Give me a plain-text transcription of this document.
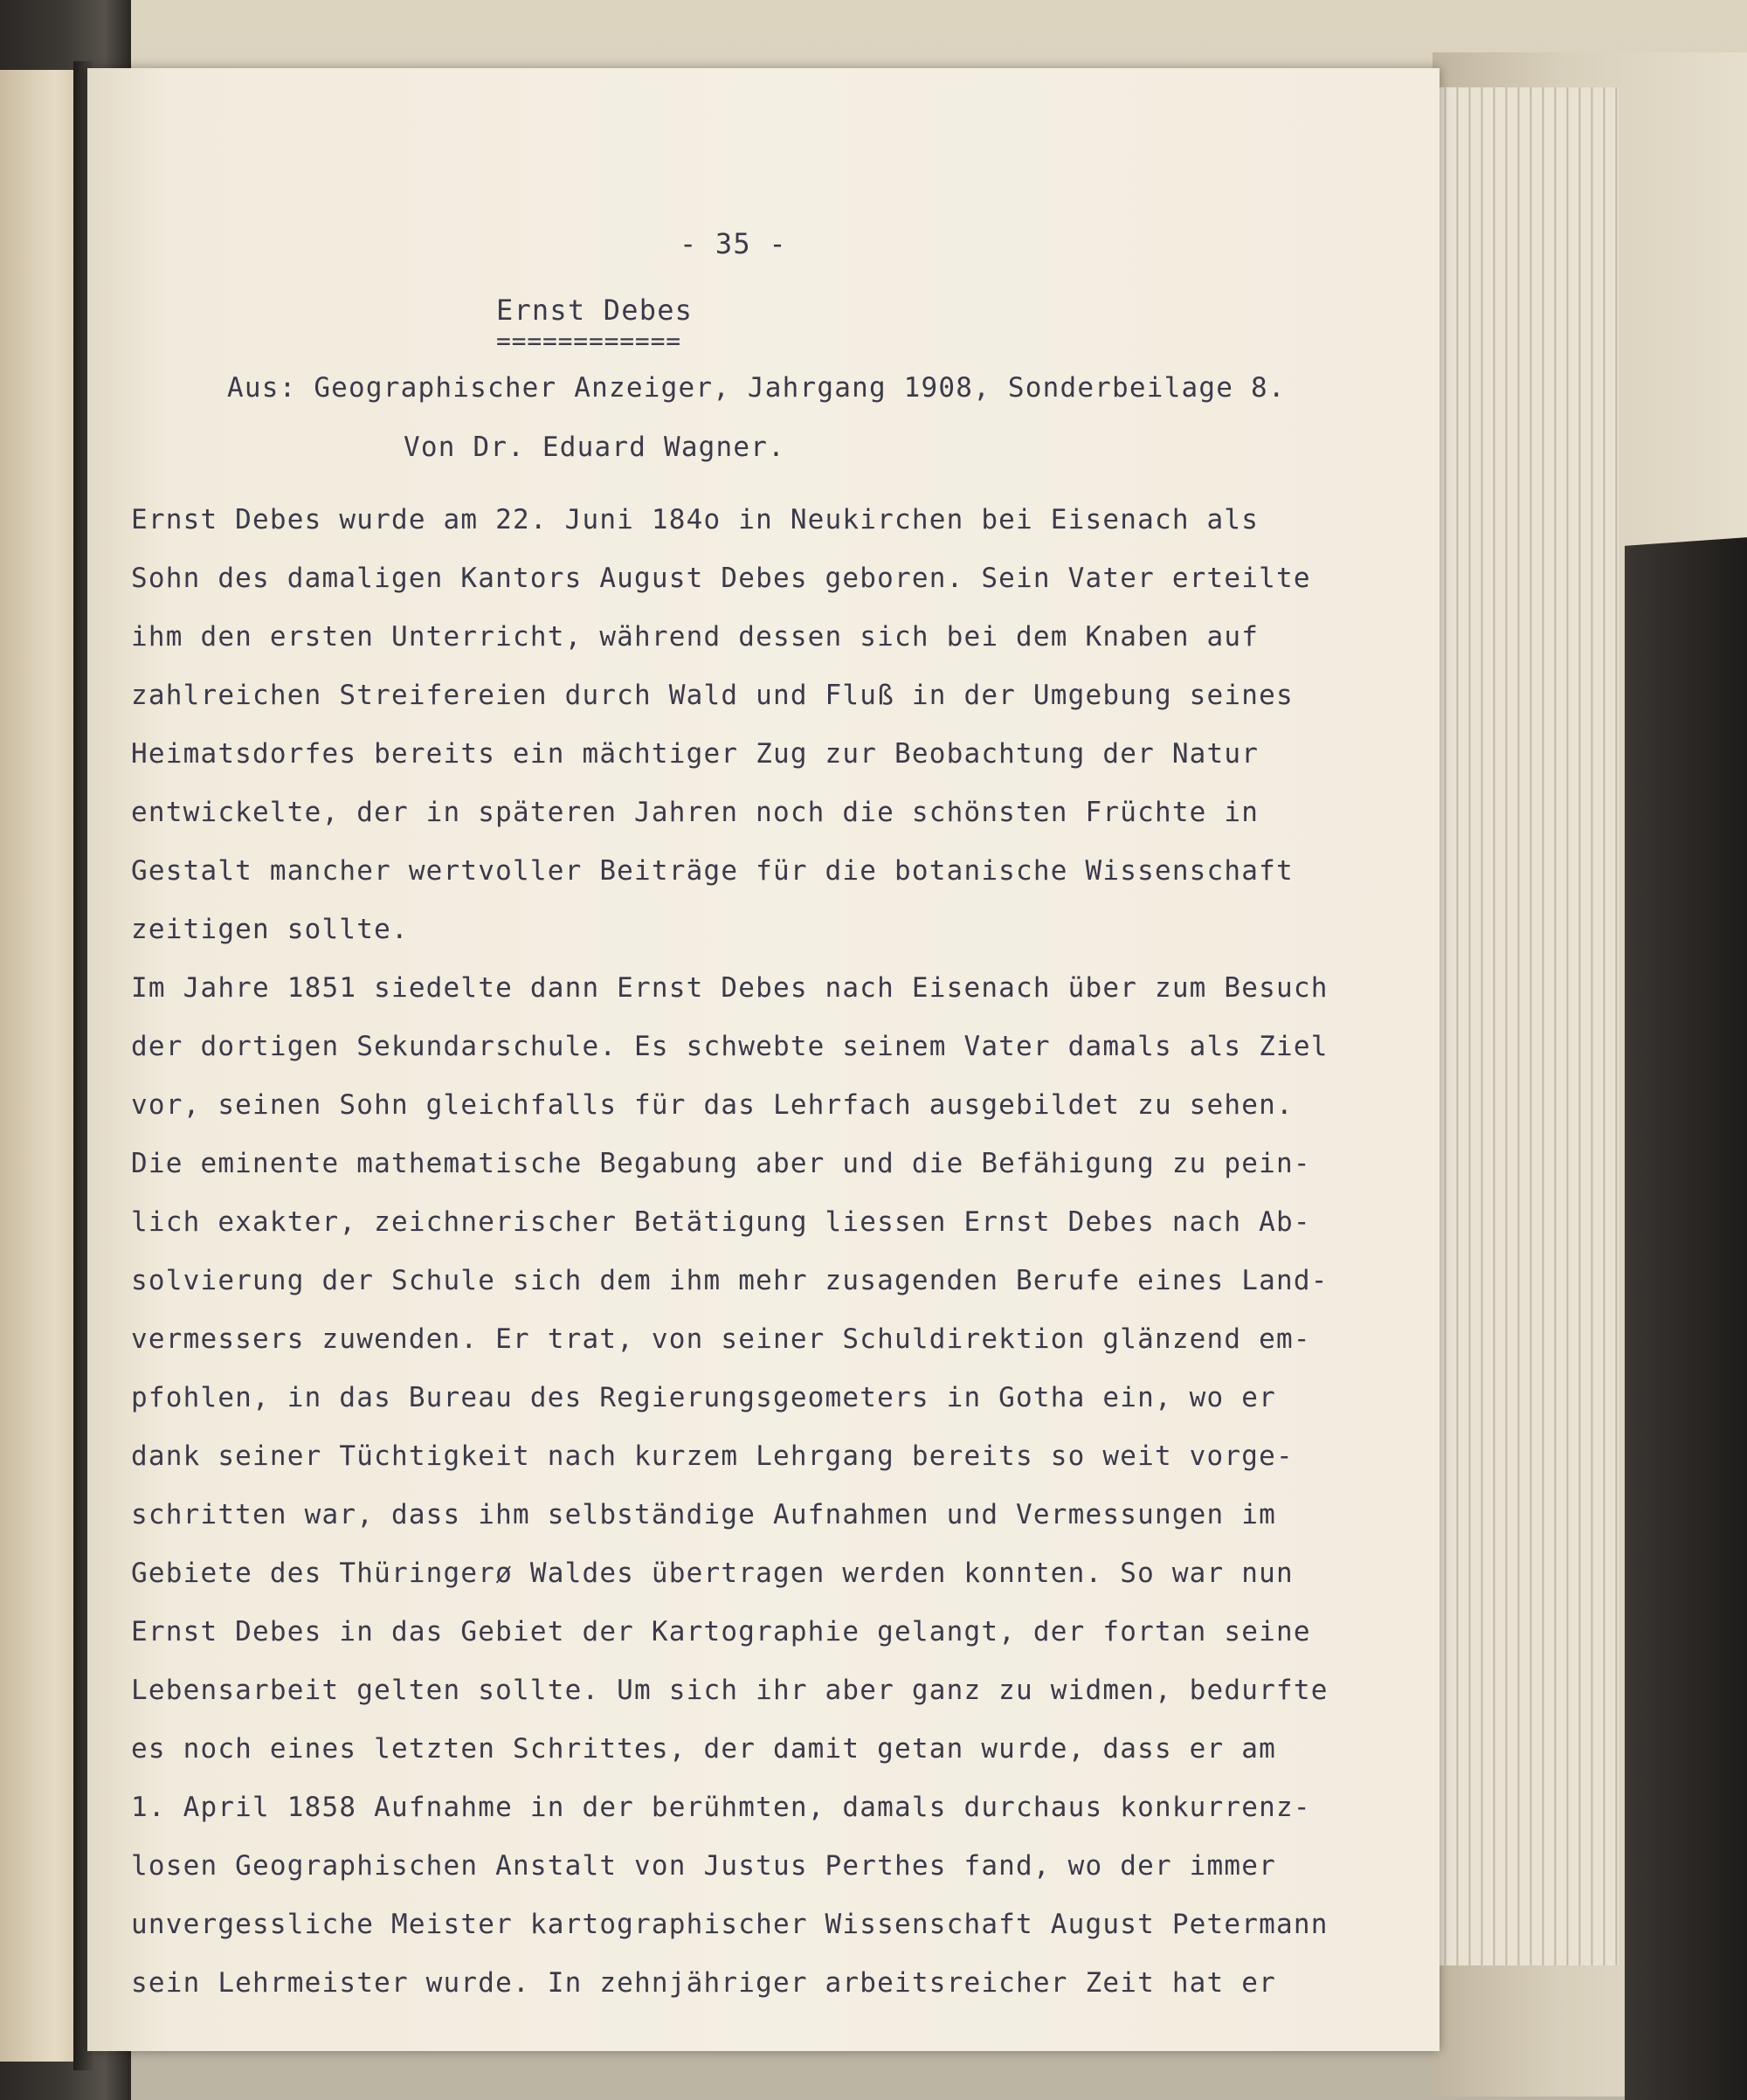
- 35 -

Ernst Debes
============
Aus: Geographischer Anzeiger, Jahrgang 1908, Sonderbeilage 8.
Von Dr. Eduard Wagner.
Ernst Debes wurde am 22. Juni 184o in Neukirchen bei Eisenach als
Sohn des damaligen Kantors August Debes geboren. Sein Vater erteilte
ihm den ersten Unterricht, während dessen sich bei dem Knaben auf
zahlreichen Streifereien durch Wald und Fluß in der Umgebung seines
Heimatsdorfes bereits ein mächtiger Zug zur Beobachtung der Natur
entwickelte, der in späteren Jahren noch die schönsten Früchte in
Gestalt mancher wertvoller Beiträge für die botanische Wissenschaft
zeitigen sollte.
Im Jahre 1851 siedelte dann Ernst Debes nach Eisenach über zum Besuch
der dortigen Sekundarschule. Es schwebte seinem Vater damals als Ziel
vor, seinen Sohn gleichfalls für das Lehrfach ausgebildet zu sehen.
Die eminente mathematische Begabung aber und die Befähigung zu pein-
lich exakter, zeichnerischer Betätigung liessen Ernst Debes nach Ab-
solvierung der Schule sich dem ihm mehr zusagenden Berufe eines Land-
vermessers zuwenden. Er trat, von seiner Schuldirektion glänzend em-
pfohlen, in das Bureau des Regierungsgeometers in Gotha ein, wo er
dank seiner Tüchtigkeit nach kurzem Lehrgang bereits so weit vorge-
schritten war, dass ihm selbständige Aufnahmen und Vermessungen im
Gebiete des Thüringerø Waldes übertragen werden konnten. So war nun
Ernst Debes in das Gebiet der Kartographie gelangt, der fortan seine
Lebensarbeit gelten sollte. Um sich ihr aber ganz zu widmen, bedurfte
es noch eines letzten Schrittes, der damit getan wurde, dass er am
1. April 1858 Aufnahme in der berühmten, damals durchaus konkurrenz-
losen Geographischen Anstalt von Justus Perthes fand, wo der immer
unvergessliche Meister kartographischer Wissenschaft August Petermann
sein Lehrmeister wurde. In zehnjähriger arbeitsreicher Zeit hat er
